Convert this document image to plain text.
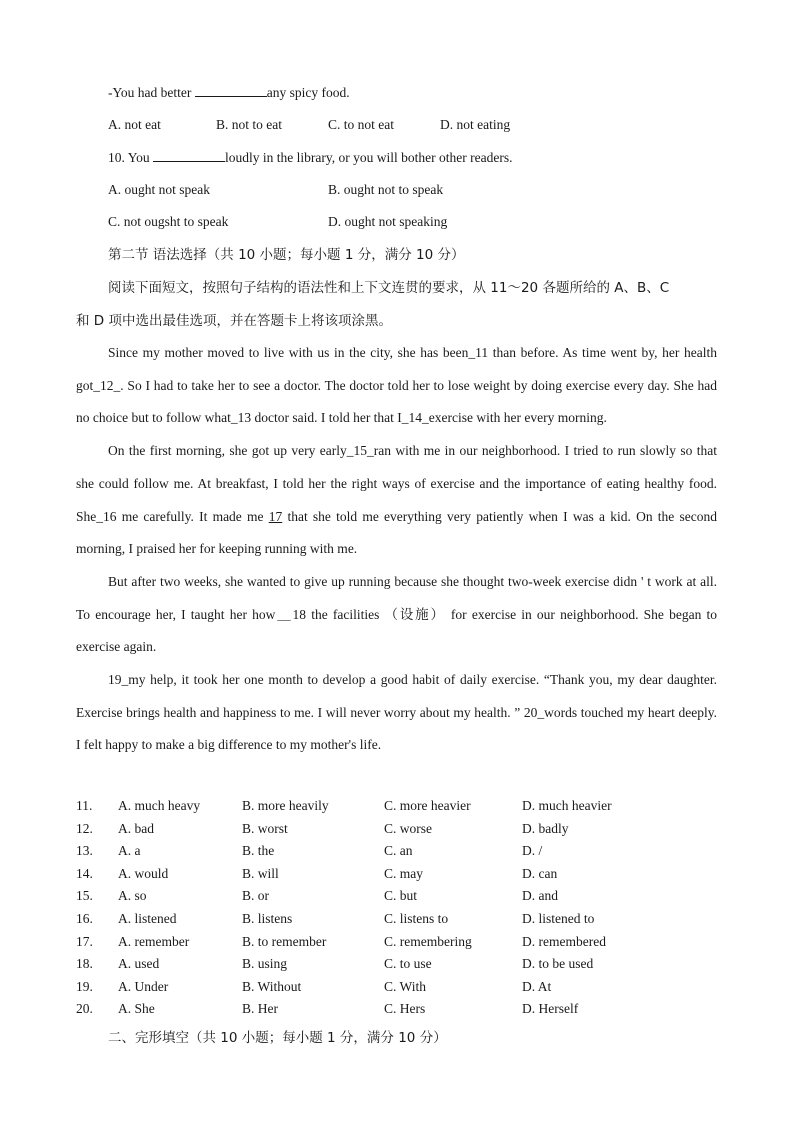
-You had better	any spicy food.
A. not eat	B. not to eat	C. to not eat	D. not eating
10. You	loudly in the library, or you will bother other readers.
A. ought not speak	B. ought not to speak
C. not ougsht to speak	D. ought not speaking
第二节 语法选择（共 10 小题；每小题 1 分，满分 10 分）
阅读下面短文，按照句子结构的语法性和上下文连贯的要求，从 11～20 各题所给的 A、B、C
和 D 项中选出最佳选项，并在答题卡上将该项涂黑。

Since my mother moved to live with us in the city, she has been_11 than before. As time went by, her health got_12_. So I had to take her to see a doctor. The doctor told her to lose weight by doing exercise every day. She had no choice but to follow what_13 doctor said. I told her that I_14_exercise with her every morning.

On the first morning, she got up very early_15_ran with me in our neighborhood. I tried to run slowly so that she could follow me. At breakfast, I told her the right ways of exercise and the importance of eating healthy food. She_16 me carefully. It made me 17 that she told me everything very patiently when I was a kid. On the second morning, I praised her for keeping running with me.

But after two weeks, she wanted to give up running because she thought two-week exercise didn ' t work at all. To encourage her, I taught her how＿18 the facilities （设施） for exercise in our neighborhood. She began to exercise again.

19_my help, it took her one month to develop a good habit of daily exercise. “Thank you, my dear daughter. Exercise brings health and happiness to me. I will never worry about my health. ” 20_words touched my heart deeply. I felt happy to make a big difference to my mother's life.

11. A. much heavy	B. more heavily	C. more heavier	D. much heavier
12. A. bad	B. worst	C. worse	D. badly
13. A. a	B. the	C. an	D. /
14. A. would	B. will	C. may	D. can
15. A. so	B. or	C. but	D. and
16. A. listened	B. listens	C. listens to	D. listened to
17. A. remember	B. to remember	C. remembering	D. remembered
18. A. used	B. using	C. to use	D. to be used
19. A. Under	B. Without	C. With	D. At
20. A. She	B. Her	C. Hers	D. Herself
二、完形填空（共 10 小题；每小题 1 分，满分 10 分）
